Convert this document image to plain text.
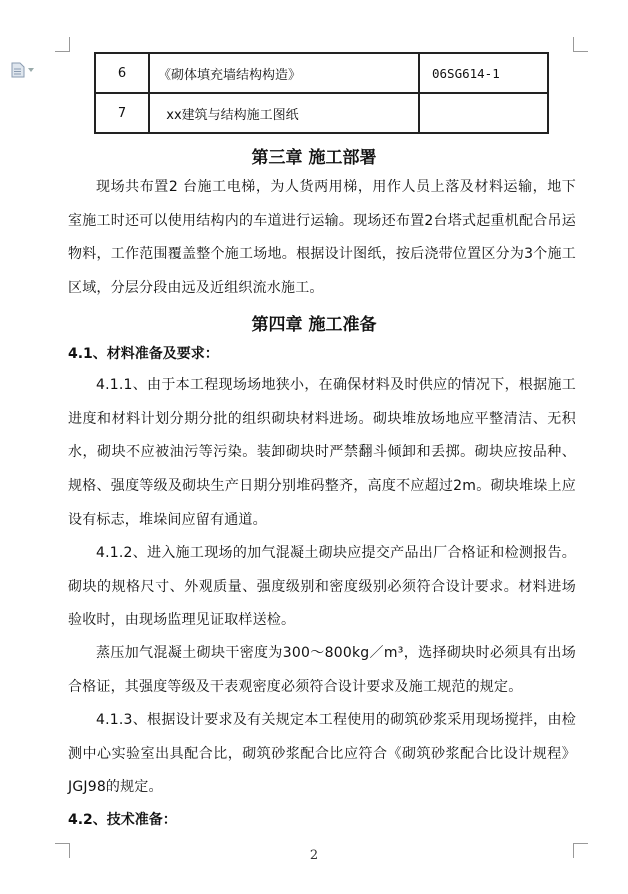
6	《砌体填充墙结构构造》	06SG614-1
7	xx建筑与结构施工图纸	
第三章 施工部署

现场共布置2 台施工电梯，为人货两用梯，用作人员上落及材料运输，地下室施工时还可以使用结构内的车道进行运输。现场还布置2台塔式起重机配合吊运物料，工作范围覆盖整个施工场地。根据设计图纸，按后浇带位置区分为3个施工区域，分层分段由远及近组织流水施工。

第四章 施工准备
4.1、材料准备及要求：

4.1.1、由于本工程现场场地狭小，在确保材料及时供应的情况下，根据施工进度和材料计划分期分批的组织砌块材料进场。砌块堆放场地应平整清洁、无积水，砌块不应被油污等污染。装卸砌块时严禁翻斗倾卸和丢掷。砌块应按品种、规格、强度等级及砌块生产日期分别堆码整齐，高度不应超过2m。砌块堆垛上应设有标志，堆垛间应留有通道。

4.1.2、进入施工现场的加气混凝土砌块应提交产品出厂合格证和检测报告。砌块的规格尺寸、外观质量、强度级别和密度级别必须符合设计要求。材料进场验收时，由现场监理见证取样送检。

蒸压加气混凝土砌块干密度为300～800kg／m³，选择砌块时必须具有出场合格证，其强度等级及干表观密度必须符合设计要求及施工规范的规定。

4.1.3、根据设计要求及有关规定本工程使用的砌筑砂浆采用现场搅拌，由检测中心实验室出具配合比，砌筑砂浆配合比应符合《砌筑砂浆配合比设计规程》JGJ98的规定。

4.2、技术准备：
2
